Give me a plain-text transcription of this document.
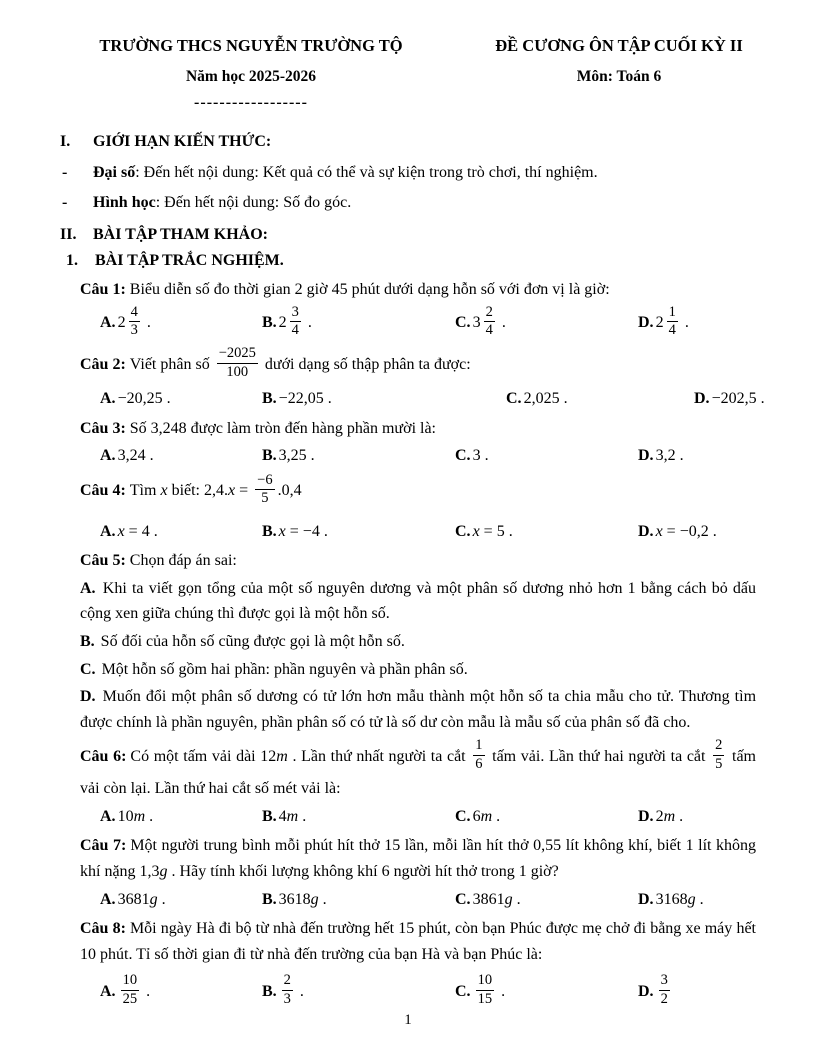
TRƯỜNG THCS NGUYỄN TRƯỜNG TỘ
Năm học 2025-2026
------------------
ĐỀ CƯƠNG ÔN TẬP CUỐI KỲ II
Môn: Toán 6
I.	GIỚI HẠN KIẾN THỨC:
-	Đại số: Đến hết nội dung: Kết quả có thể và sự kiện trong trò chơi, thí nghiệm.
-	Hình học: Đến hết nội dung: Số đo góc.
II.	BÀI TẬP THAM KHẢO:
1.	BÀI TẬP TRẮC NGHIỆM.

Câu 1: Biểu diễn số đo thời gian 2 giờ 45 phút dưới dạng hỗn số với đơn vị là giờ:

A. $2 \frac{4}{3}$ .	B. $2 \frac{3}{4}$ .	C. $3 \frac{2}{4}$ .	D. $2 \frac{1}{4}$ .

Câu 2: Viết phân số $\frac{-2025}{100}$ dưới dạng số thập phân ta được:

A. −20,25 .	B. −22,05 .	C. 2,025 .	D. −202,5 .

Câu 3: Số 3,248 được làm tròn đến hàng phần mười là:

A. 3,24 .	B. 3,25 .	C. 3 .	D. 3,2 .

Câu 4: Tìm x biết: $2,4.x = \frac{-6}{5} .0,4$

A. x = 4 .	B. x = −4 .	C. x = 5 .	D. x = −0,2 .

Câu 5: Chọn đáp án sai:

A. Khi ta viết gọn tổng của một số nguyên dương và một phân số dương nhỏ hơn 1 bằng cách bỏ dấu cộng xen giữa chúng thì được gọi là một hỗn số.

B. Số đối của hỗn số cũng được gọi là một hỗn số.

C. Một hỗn số gồm hai phần: phần nguyên và phần phân số.

D. Muốn đổi một phân số dương có tử lớn hơn mẫu thành một hỗn số ta chia mẫu cho tử. Thương tìm được chính là phần nguyên, phần phân số có tử là số dư còn mẫu là mẫu số của phân số đã cho.

Câu 6: Có một tấm vải dài 12m . Lần thứ nhất người ta cắt $\frac{1}{6}$ tấm vải. Lần thứ hai người ta cắt $\frac{2}{5}$ tấm vải còn lại. Lần thứ hai cắt số mét vải là:

A. 10m .	B. 4m .	C. 6m .	D. 2m .

Câu 7: Một người trung bình mỗi phút hít thở 15 lần, mỗi lần hít thở 0,55 lít không khí, biết 1 lít không khí nặng 1,3g . Hãy tính khối lượng không khí 6 người hít thở trong 1 giờ?

A. 3681g .	B. 3618g .	C. 3861g .	D. 3168g .

Câu 8: Mỗi ngày Hà đi bộ từ nhà đến trường hết 15 phút, còn bạn Phúc được mẹ chở đi bằng xe máy hết 10 phút. Tỉ số thời gian đi từ nhà đến trường của bạn Hà và bạn Phúc là:

A. $\frac{10}{25}$ .	B. $\frac{2}{3}$ .	C. $\frac{10}{15}$ .	D. $\frac{3}{2}$
1
